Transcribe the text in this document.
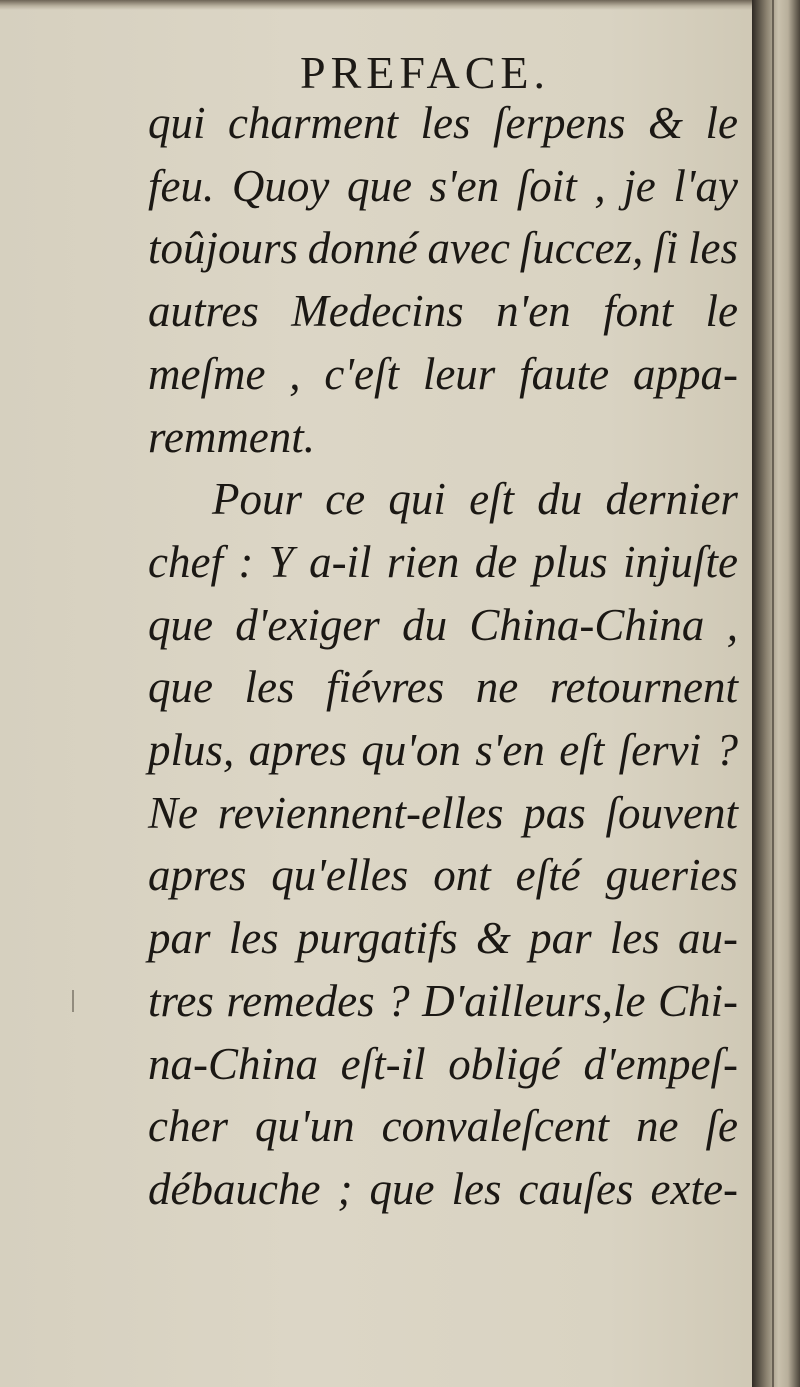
PREFACE.
qui charment les ſerpens & le
feu. Quoy que s'en ſoit , je l'ay
toûjours donné avec ſuccez, ſi les
autres Medecins n'en font le
meſme , c'eſt leur faute appa-
remment.
Pour ce qui eſt du dernier
chef : Y a-il rien de plus injuſte
que d'exiger du China-China ,
que les fiévres ne retournent
plus, apres qu'on s'en eſt ſervi ?
Ne reviennent-elles pas ſouvent
apres qu'elles ont eſté gueries
par les purgatifs & par les au-
tres remedes ? D'ailleurs,le Chi-
na-China eſt-il obligé d'empeſ-
cher qu'un convaleſcent ne ſe
débauche ; que les cauſes exte-
